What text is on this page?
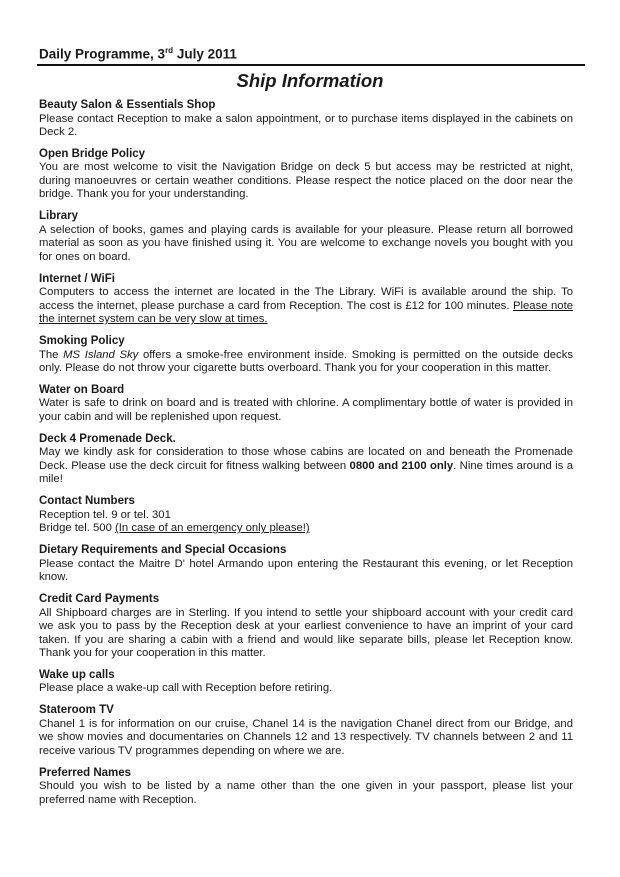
Daily Programme, 3rd July 2011
Ship Information
Beauty Salon & Essentials Shop
Please contact Reception to make a salon appointment, or to purchase items displayed in the cabinets on Deck 2.
Open Bridge Policy
You are most welcome to visit the Navigation Bridge on deck 5 but access may be restricted at night, during manoeuvres or certain weather conditions. Please respect the notice placed on the door near the bridge. Thank you for your understanding.
Library
A selection of books, games and playing cards is available for your pleasure. Please return all borrowed material as soon as you have finished using it. You are welcome to exchange novels you bought with you for ones on board.
Internet / WiFi
Computers to access the internet are located in the The Library. WiFi is available around the ship. To access the internet, please purchase a card from Reception. The cost is £12 for 100 minutes. Please note the internet system can be very slow at times.
Smoking Policy
The MS Island Sky offers a smoke-free environment inside. Smoking is permitted on the outside decks only. Please do not throw your cigarette butts overboard. Thank you for your cooperation in this matter.
Water on Board
Water is safe to drink on board and is treated with chlorine. A complimentary bottle of water is provided in your cabin and will be replenished upon request.
Deck 4 Promenade Deck.
May we kindly ask for consideration to those whose cabins are located on and beneath the Promenade Deck. Please use the deck circuit for fitness walking between 0800 and 2100 only. Nine times around is a mile!
Contact Numbers
Reception tel. 9 or tel. 301
Bridge tel. 500 (In case of an emergency only please!)
Dietary Requirements and Special Occasions
Please contact the Maitre D' hotel Armando upon entering the Restaurant this evening, or let Reception know.
Credit Card Payments
All Shipboard charges are in Sterling. If you intend to settle your shipboard account with your credit card we ask you to pass by the Reception desk at your earliest convenience to have an imprint of your card taken. If you are sharing a cabin with a friend and would like separate bills, please let Reception know. Thank you for your cooperation in this matter.
Wake up calls
Please place a wake-up call with Reception before retiring.
Stateroom TV
Chanel 1 is for information on our cruise, Chanel 14 is the navigation Chanel direct from our Bridge, and we show movies and documentaries on Channels 12 and 13 respectively. TV channels between 2 and 11 receive various TV programmes depending on where we are.
Preferred Names
Should you wish to be listed by a name other than the one given in your passport, please list your preferred name with Reception.
